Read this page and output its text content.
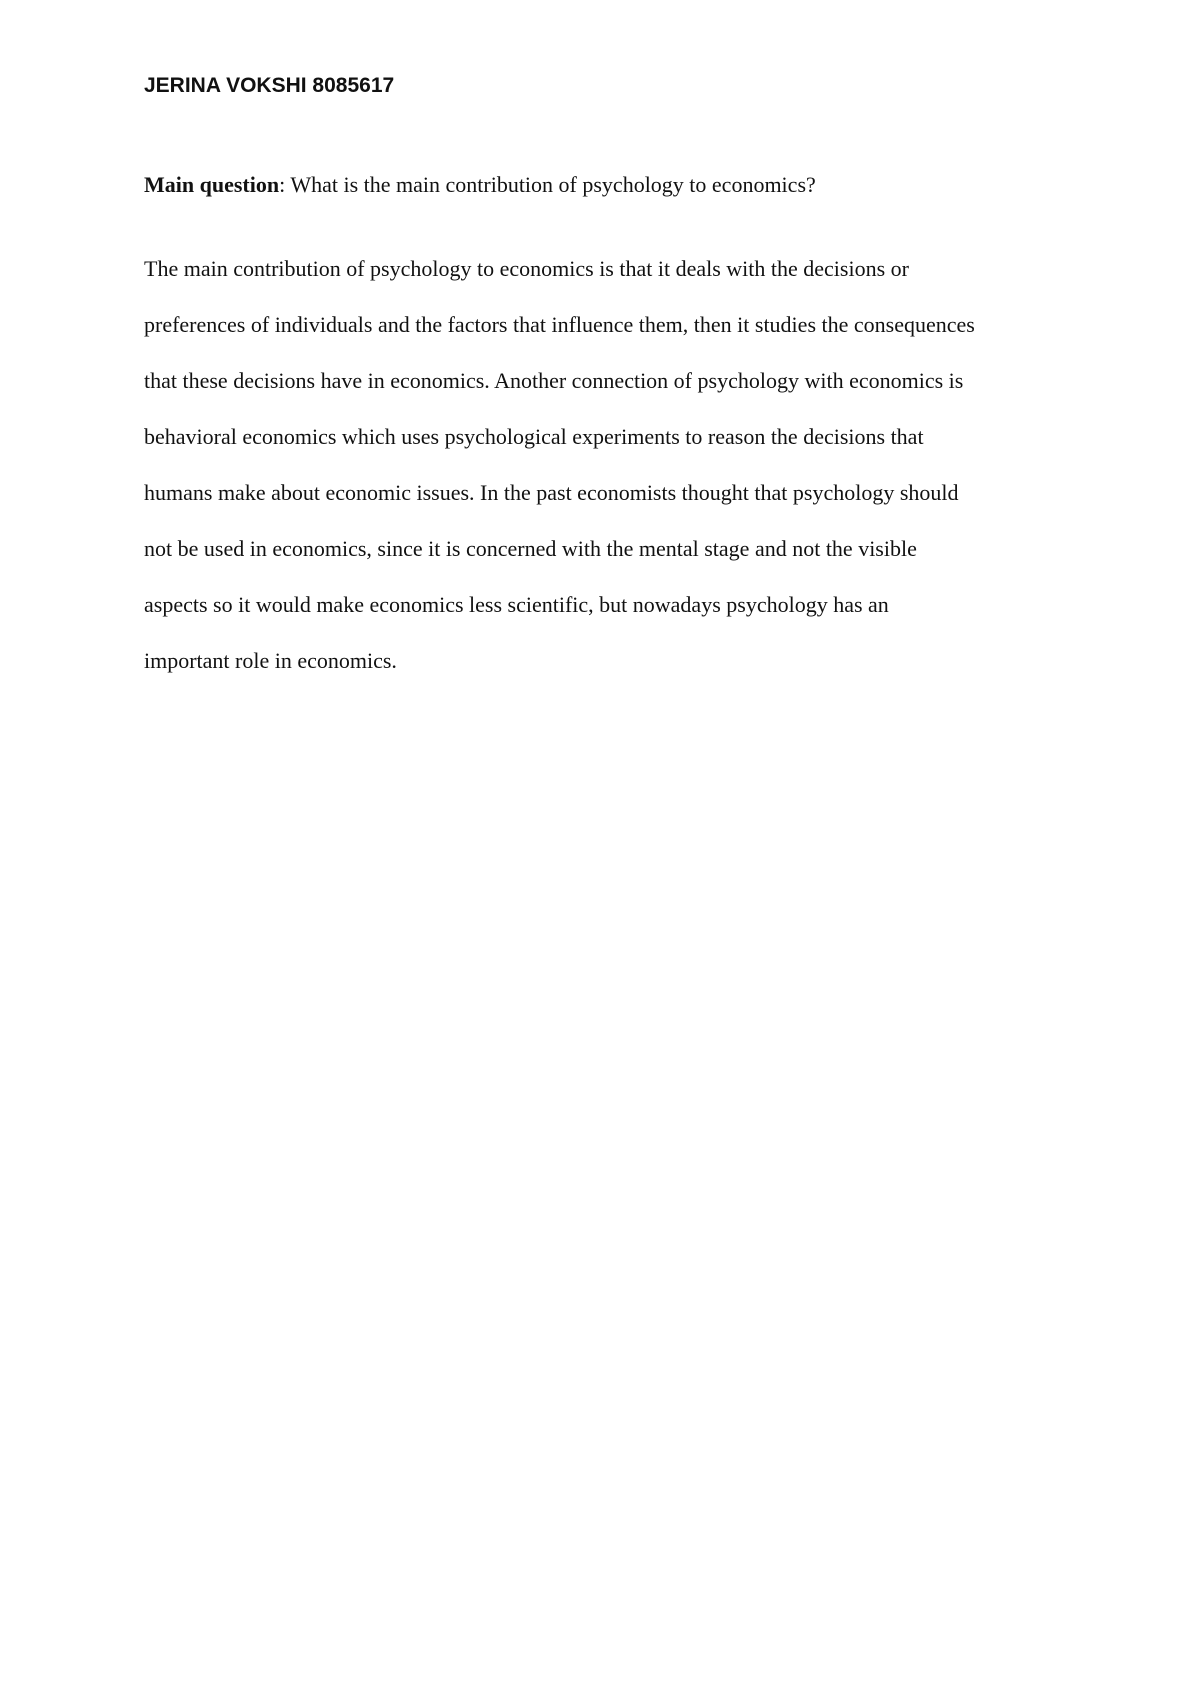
JERINA VOKSHI 8085617
Main question: What is the main contribution of psychology to economics?
The main contribution of psychology to economics is that it deals with the decisions or
preferences of individuals and the factors that influence them, then it studies the consequences
that these decisions have in economics. Another connection of psychology with economics is
behavioral economics which uses psychological experiments to reason the decisions that
humans make about economic issues. In the past economists thought that psychology should
not be used in economics, since it is concerned with the mental stage and not the visible
aspects so it would make economics less scientific, but nowadays psychology has an
important role in economics.
